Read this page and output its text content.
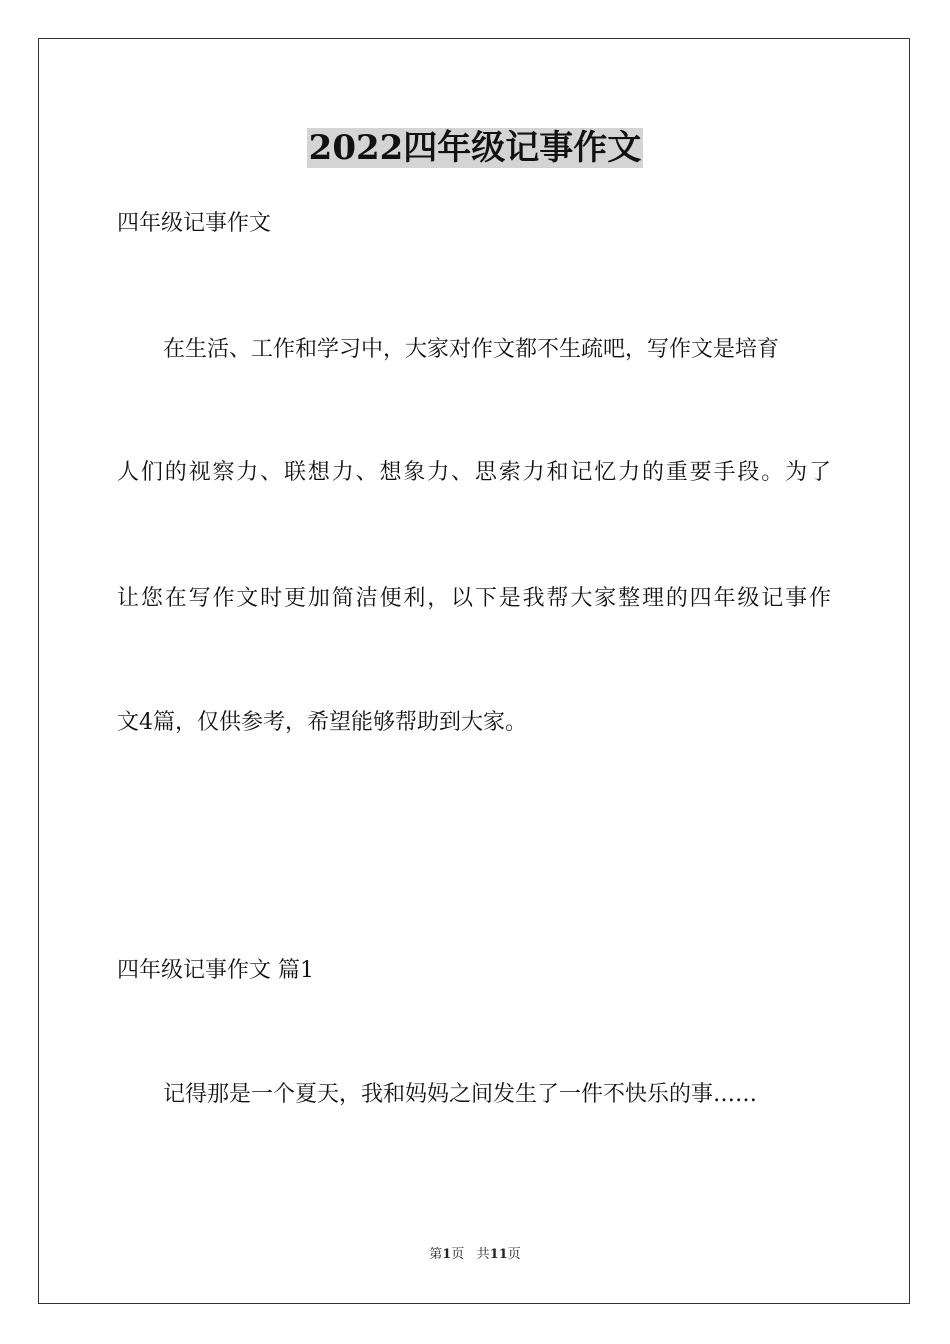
2022四年级记事作文
四年级记事作文
在生活、工作和学习中，大家对作文都不生疏吧，写作文是培育
人们的视察力、联想力、想象力、思索力和记忆力的重要手段。为了
让您在写作文时更加简洁便利，以下是我帮大家整理的四年级记事作
文4篇，仅供参考，希望能够帮助到大家。
四年级记事作文 篇1
记得那是一个夏天，我和妈妈之间发生了一件不快乐的事……
第1页 共11页
